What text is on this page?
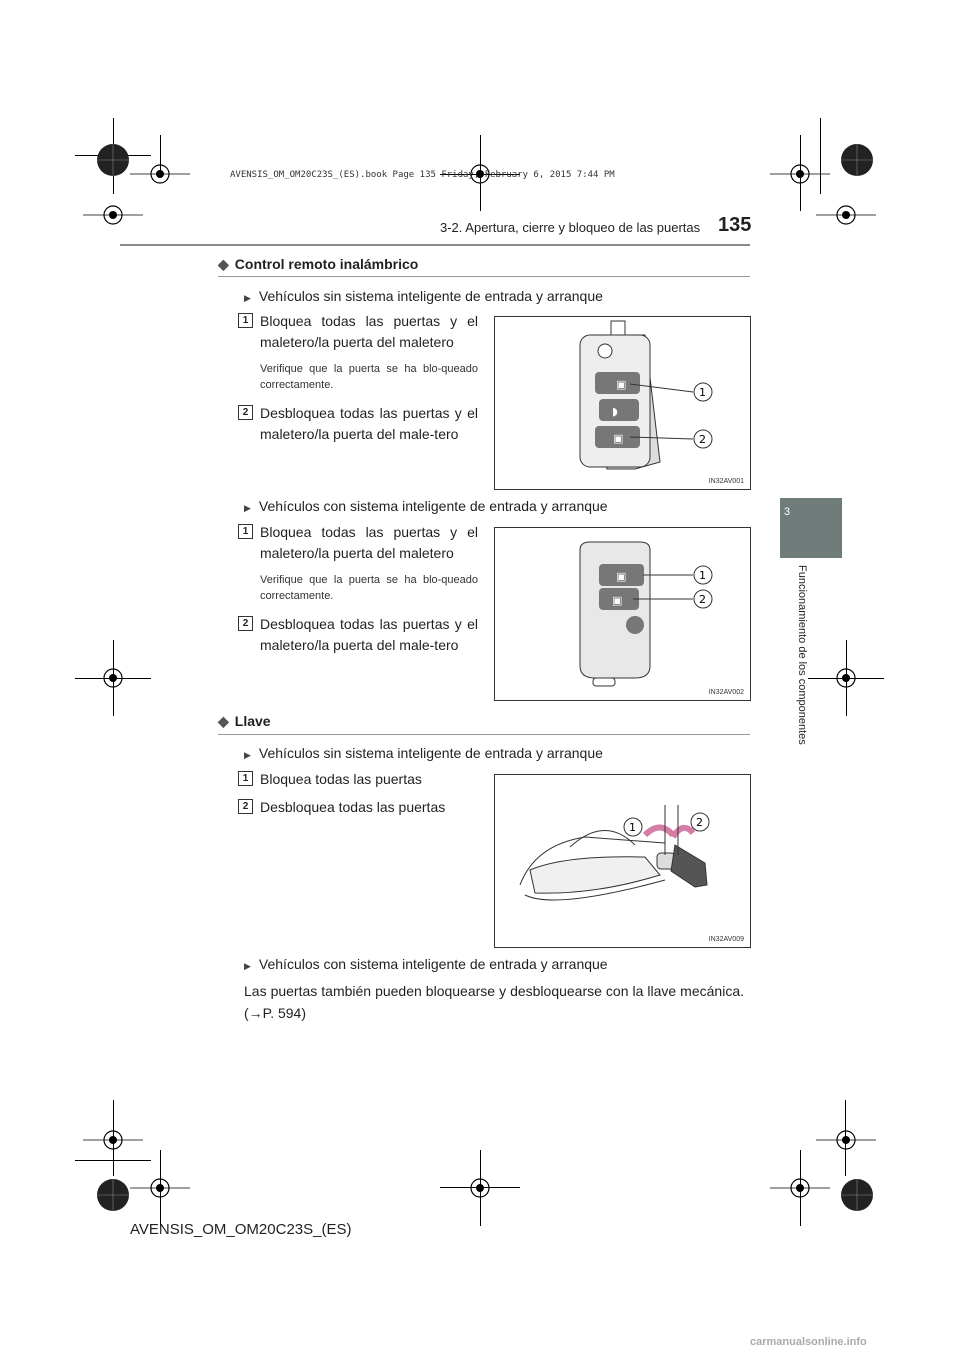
AVENSIS_OM_OM20C23S_(ES).book Page 135 Friday, February 6, 2015 7:44 PM
3-2. Apertura, cierre y bloqueo de las puertas 135
3
Funcionamiento de los componentes
◆ Control remoto inalámbrico
▶ Vehículos sin sistema inteligente de entrada y arranque
1 Bloquea todas las puertas y el maletero/la puerta del maletero
Verifique que la puerta se ha blo-queado correctamente.
2 Desbloquea todas las puertas y el maletero/la puerta del male-tero
▣
◗
▣
1
2
IN32AV001
▶ Vehículos con sistema inteligente de entrada y arranque
1 Bloquea todas las puertas y el maletero/la puerta del maletero
Verifique que la puerta se ha blo-queado correctamente.
2 Desbloquea todas las puertas y el maletero/la puerta del male-tero
▣
▣
1
2
IN32AV002
◆ Llave
▶ Vehículos sin sistema inteligente de entrada y arranque
1 Bloquea todas las puertas
2 Desbloquea todas las puertas
1	2
IN32AV009
▶ Vehículos con sistema inteligente de entrada y arranque
Las puertas también pueden bloquearse y desbloquearse con la llave mecánica. (→P. 594)
AVENSIS_OM_OM20C23S_(ES)
carmanualsonline.info
